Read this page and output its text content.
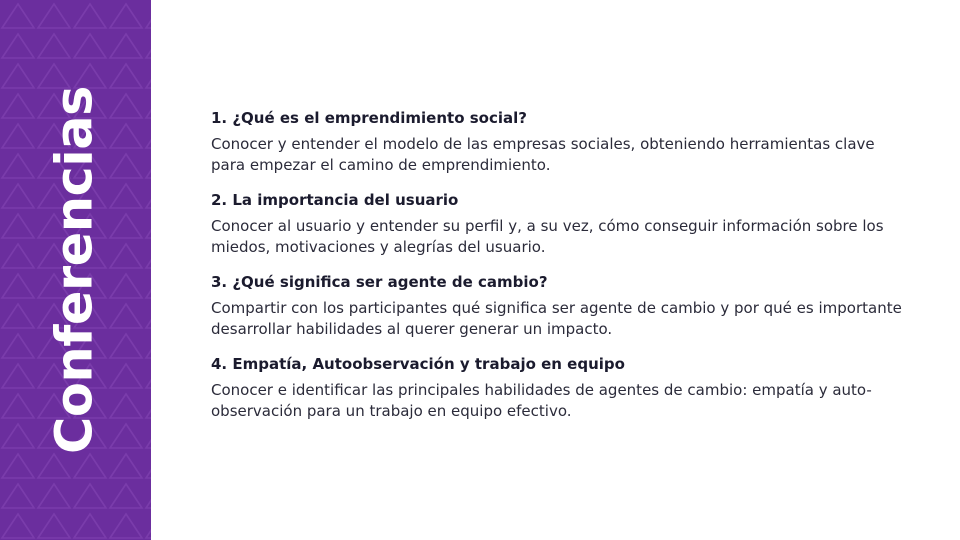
Conferencias	1. ¿Qué es el emprendimiento social?

Conocer y entender el modelo de las empresas sociales, obteniendo herramientas clave para empezar el camino de emprendimiento.

2. La importancia del usuario

Conocer al usuario y entender su perfil y, a su vez, cómo conseguir información sobre los miedos, motivaciones y alegrías del usuario.

3. ¿Qué significa ser agente de cambio?

Compartir con los participantes qué significa ser agente de cambio y por qué es importante desarrollar habilidades al querer generar un impacto.

4. Empatía, Autoobservación y trabajo en equipo

Conocer e identificar las principales habilidades de agentes de cambio: empatía y auto-observación para un trabajo en equipo efectivo.
